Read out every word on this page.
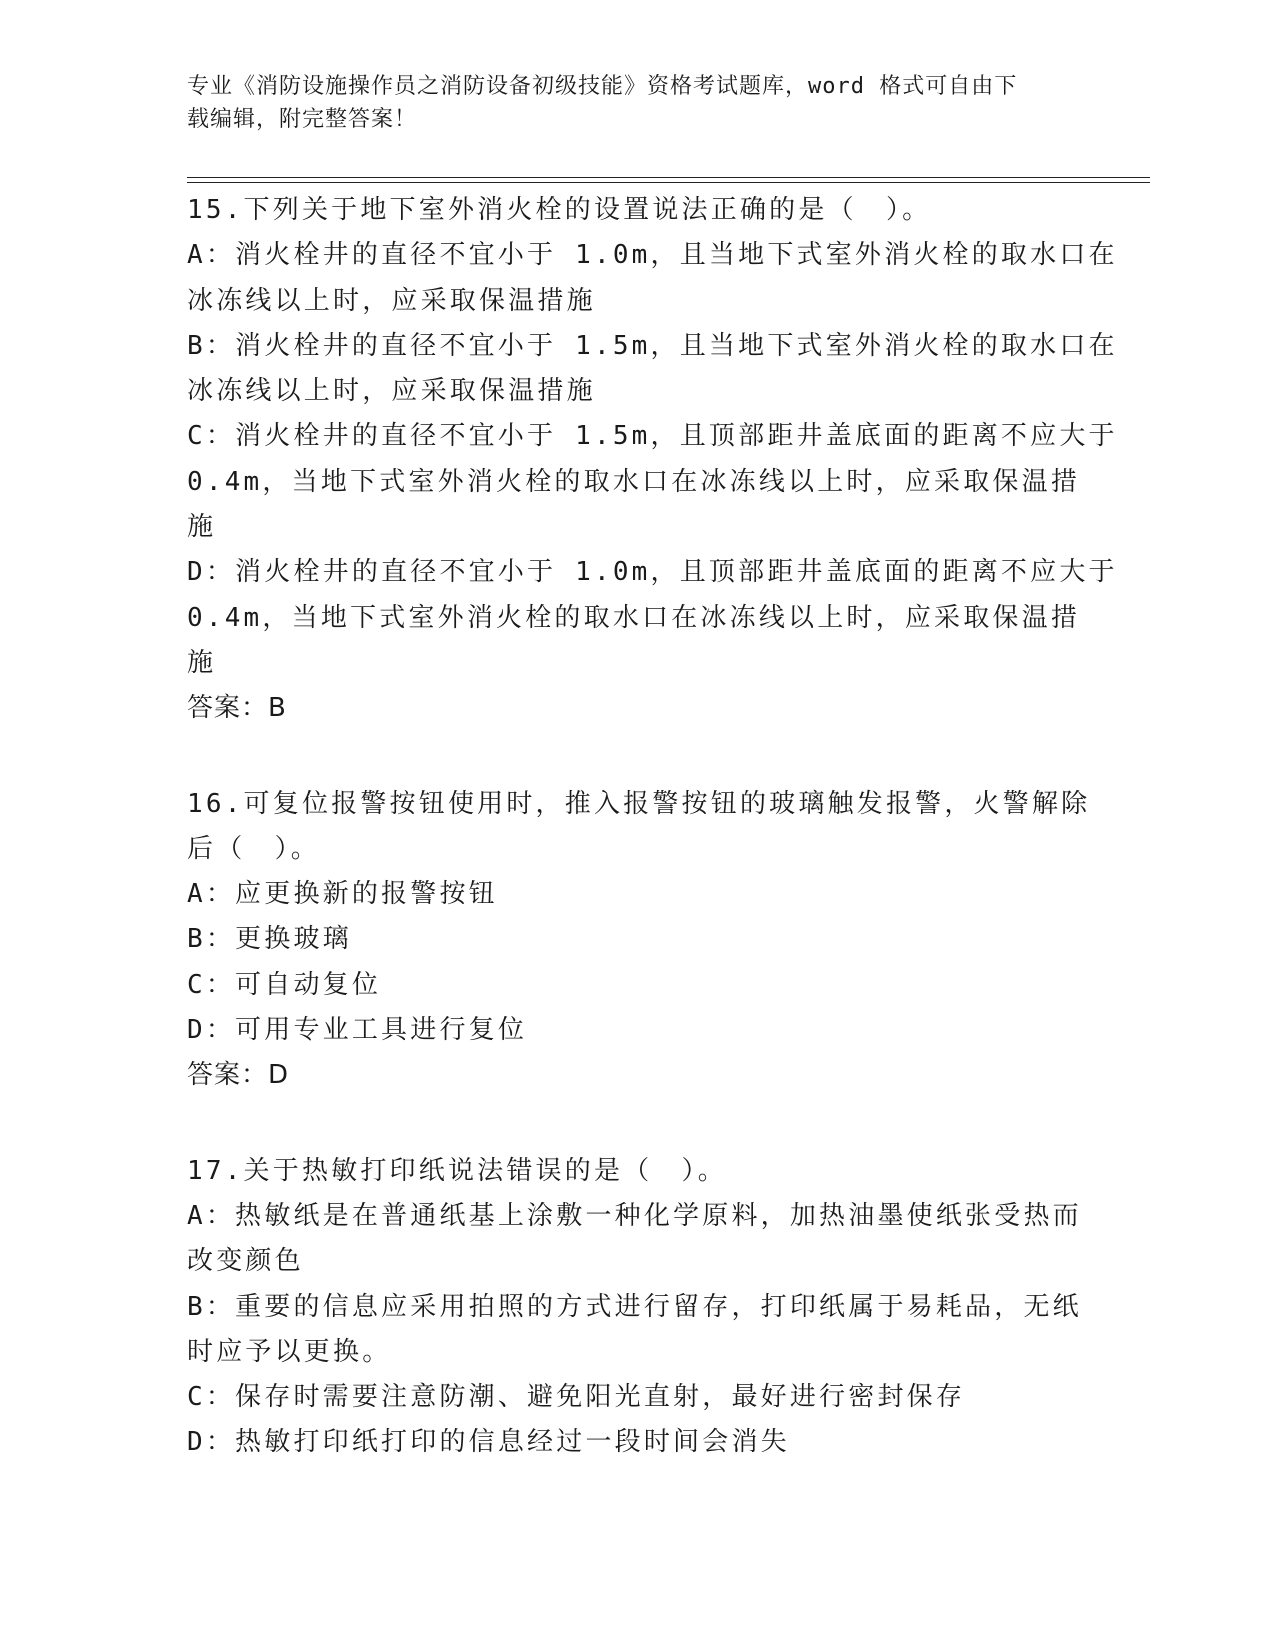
专业《消防设施操作员之消防设备初级技能》资格考试题库，word 格式可自由下
载编辑，附完整答案！
15.下列关于地下室外消火栓的设置说法正确的是（　）。
A：消火栓井的直径不宜小于 1.0m，且当地下式室外消火栓的取水口在
冰冻线以上时，应采取保温措施
B：消火栓井的直径不宜小于 1.5m，且当地下式室外消火栓的取水口在
冰冻线以上时，应采取保温措施
C：消火栓井的直径不宜小于 1.5m，且顶部距井盖底面的距离不应大于
0.4m，当地下式室外消火栓的取水口在冰冻线以上时，应采取保温措
施
D：消火栓井的直径不宜小于 1.0m，且顶部距井盖底面的距离不应大于
0.4m，当地下式室外消火栓的取水口在冰冻线以上时，应采取保温措
施
答案：B
16.可复位报警按钮使用时，推入报警按钮的玻璃触发报警，火警解除
后（　）。
A：应更换新的报警按钮
B：更换玻璃
C：可自动复位
D：可用专业工具进行复位
答案：D
17.关于热敏打印纸说法错误的是（　）。
A：热敏纸是在普通纸基上涂敷一种化学原料，加热油墨使纸张受热而
改变颜色
B：重要的信息应采用拍照的方式进行留存，打印纸属于易耗品，无纸
时应予以更换。
C：保存时需要注意防潮、避免阳光直射，最好进行密封保存
D：热敏打印纸打印的信息经过一段时间会消失
